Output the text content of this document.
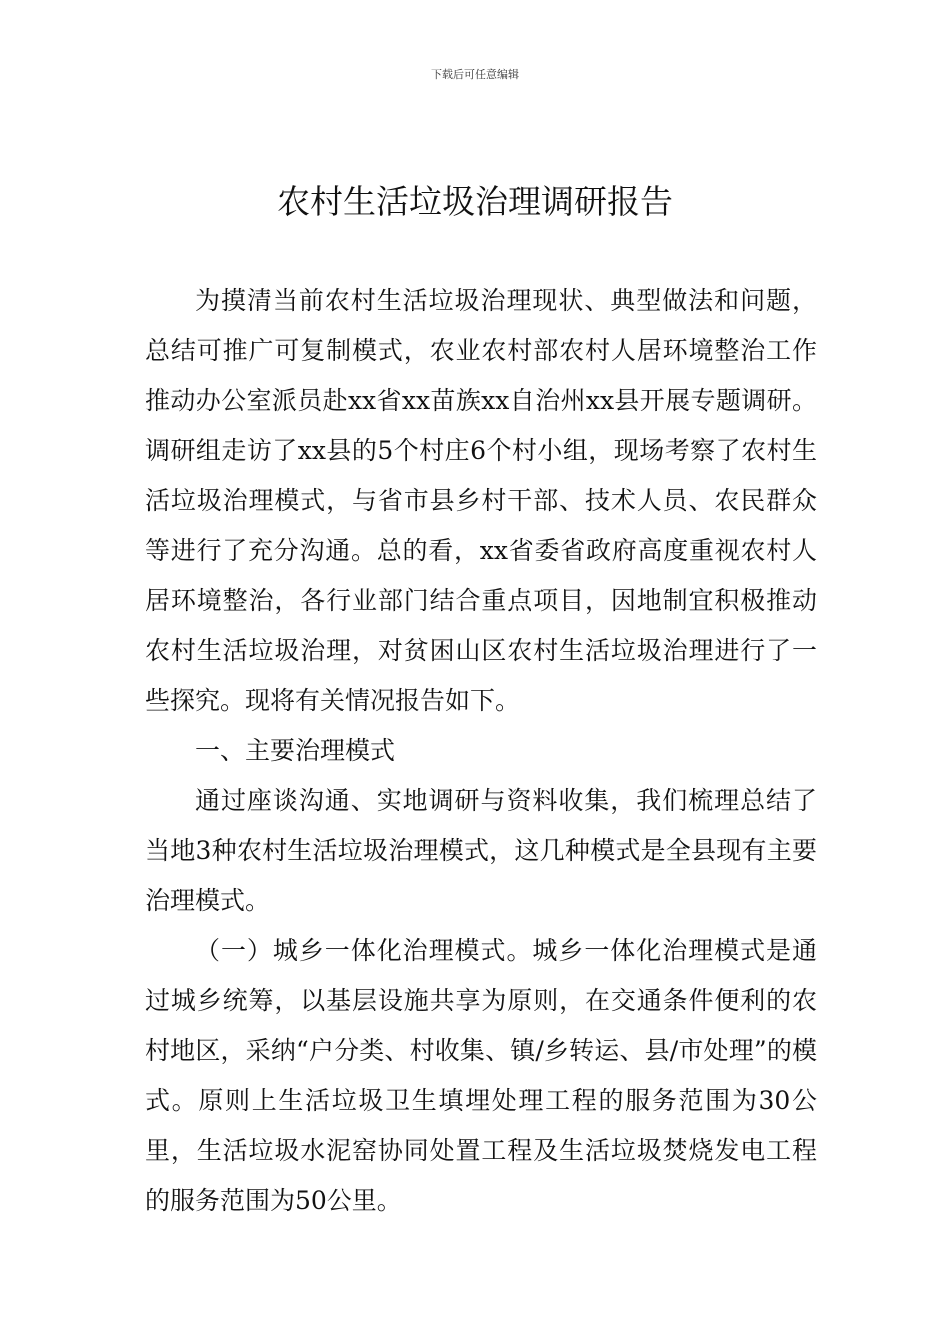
下载后可任意编辑
农村生活垃圾治理调研报告

为摸清当前农村生活垃圾治理现状、典型做法和问题，总结可推广可复制模式，农业农村部农村人居环境整治工作推动办公室派员赴xx省xx苗族xx自治州xx县开展专题调研。调研组走访了xx县的5个村庄6个村小组，现场考察了农村生活垃圾治理模式，与省市县乡村干部、技术人员、农民群众等进行了充分沟通。总的看，xx省委省政府高度重视农村人居环境整治，各行业部门结合重点项目，因地制宜积极推动农村生活垃圾治理，对贫困山区农村生活垃圾治理进行了一些探究。现将有关情况报告如下。

一、主要治理模式

通过座谈沟通、实地调研与资料收集，我们梳理总结了当地3种农村生活垃圾治理模式，这几种模式是全县现有主要治理模式。

（一）城乡一体化治理模式。城乡一体化治理模式是通过城乡统筹，以基层设施共享为原则，在交通条件便利的农村地区，采纳“户分类、村收集、镇/乡转运、县/市处理”的模式。原则上生活垃圾卫生填埋处理工程的服务范围为30公里，生活垃圾水泥窑协同处置工程及生活垃圾焚烧发电工程的服务范围为50公里。
